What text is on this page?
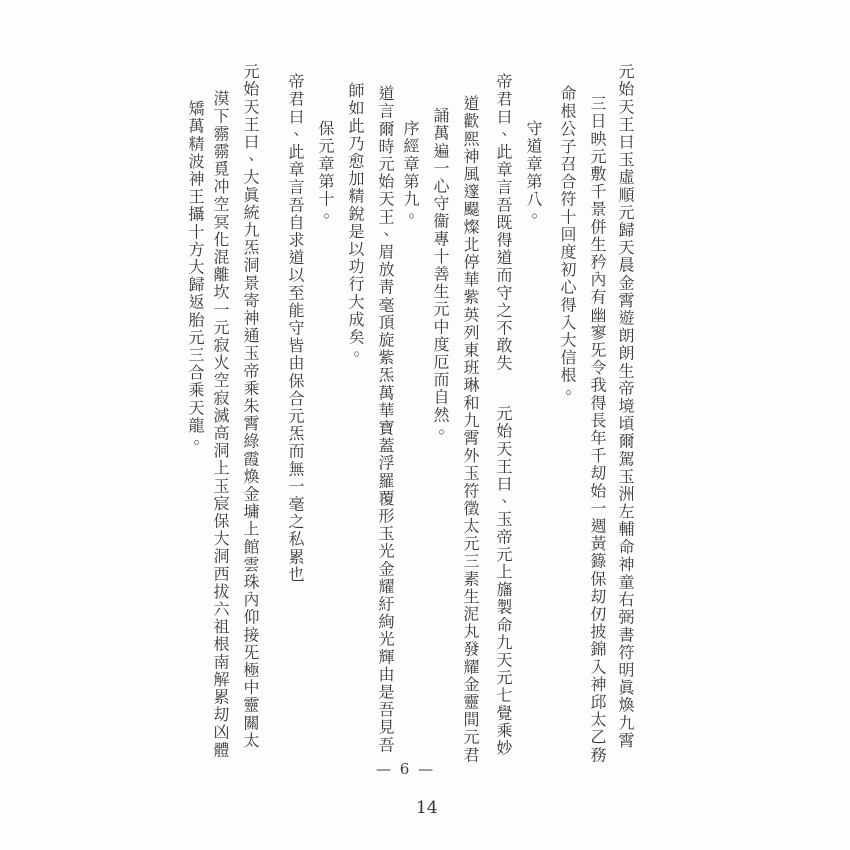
元始天王曰玉虛順元歸天晨金霄遊朗朗生帝境頃爾駕玉洲左輔命神童右弼書符明眞煥九霄
三日映元敷千景併生矜內有幽寥旡令我得長年千刧始一週黃籙保刧仞披錦入神邱太乙務
命根公子召合符十回度初心得入大信根。
守道章第八。
帝君曰、此章言吾既得道而守之不敢失
元始天王曰、玉帝元上旛製命九天元七覺乘妙
道歡熙神風邃飋燦北停華紫英列東班琳和九霄外玉符徵太元三素生泥丸發耀金靈間元君
誦萬遍一心守衞專十善生元中度厄而自然。
序經章第九。
道言爾時元始天王、眉放靑毫頂旋紫炁萬華寶蓋浮羅覆形玉光金耀紆絢光輝由是吾見吾
師如此乃愈加精銳是以功行大成矣。
保元章第十。
帝君曰、此章言吾自求道以至能守皆由保合元炁而無一毫之私累也
元始天王曰、大眞統九炁洞景寄神通玉帝乘朱霄綠霞煥金墉上館雲珠內仰接旡極中靈關太
漠下霛霛覓冲空冥化混離坎一元寂火空寂滅高洞上玉宸保大洞西拔六祖根南解累刧凶體
矯萬精波神王攝十方大歸返胎元三合乘天龍。
— 6 —
14
